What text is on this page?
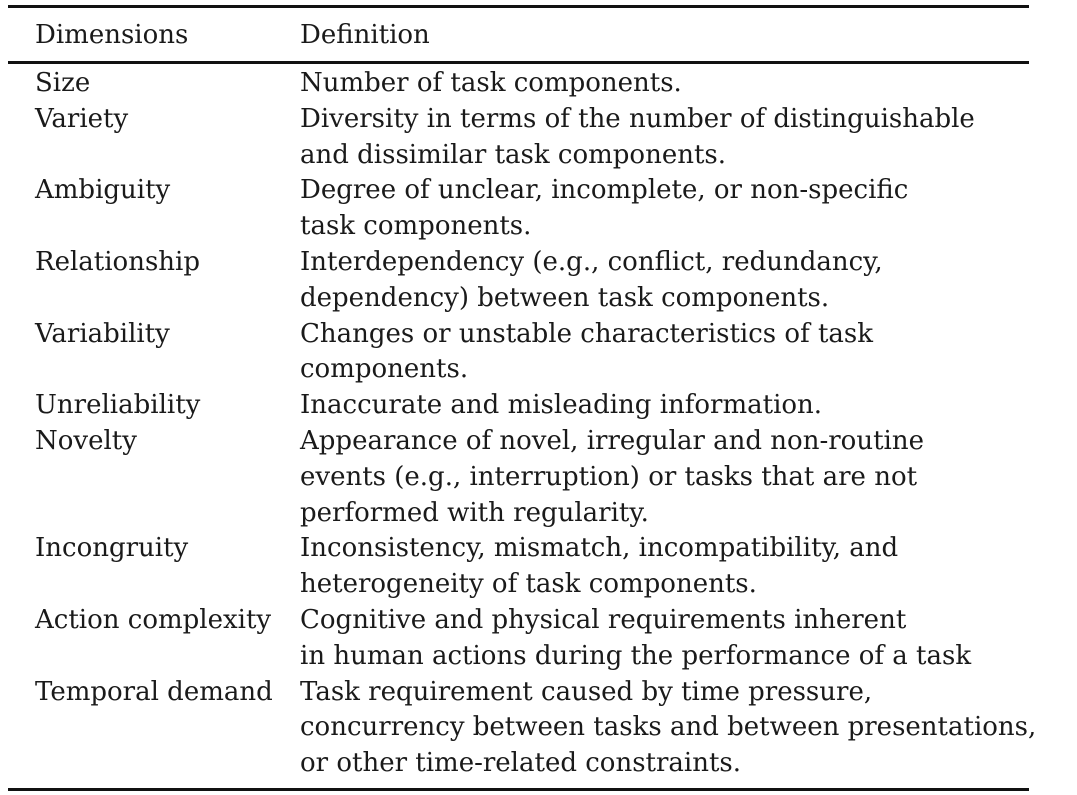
Dimensions	Definition
Size	Number of task components.
Variety	Diversity in terms of the number of distinguishable
and dissimilar task components.
Ambiguity	Degree of unclear, incomplete, or non-specific
task components.
Relationship	Interdependency (e.g., conflict, redundancy,
dependency) between task components.
Variability	Changes or unstable characteristics of task
components.
Unreliability	Inaccurate and misleading information.
Novelty	Appearance of novel, irregular and non-routine
events (e.g., interruption) or tasks that are not
performed with regularity.
Incongruity	Inconsistency, mismatch, incompatibility, and
heterogeneity of task components.
Action complexity	Cognitive and physical requirements inherent
in human actions during the performance of a task
Temporal demand	Task requirement caused by time pressure,
concurrency between tasks and between presentations,
or other time-related constraints.
